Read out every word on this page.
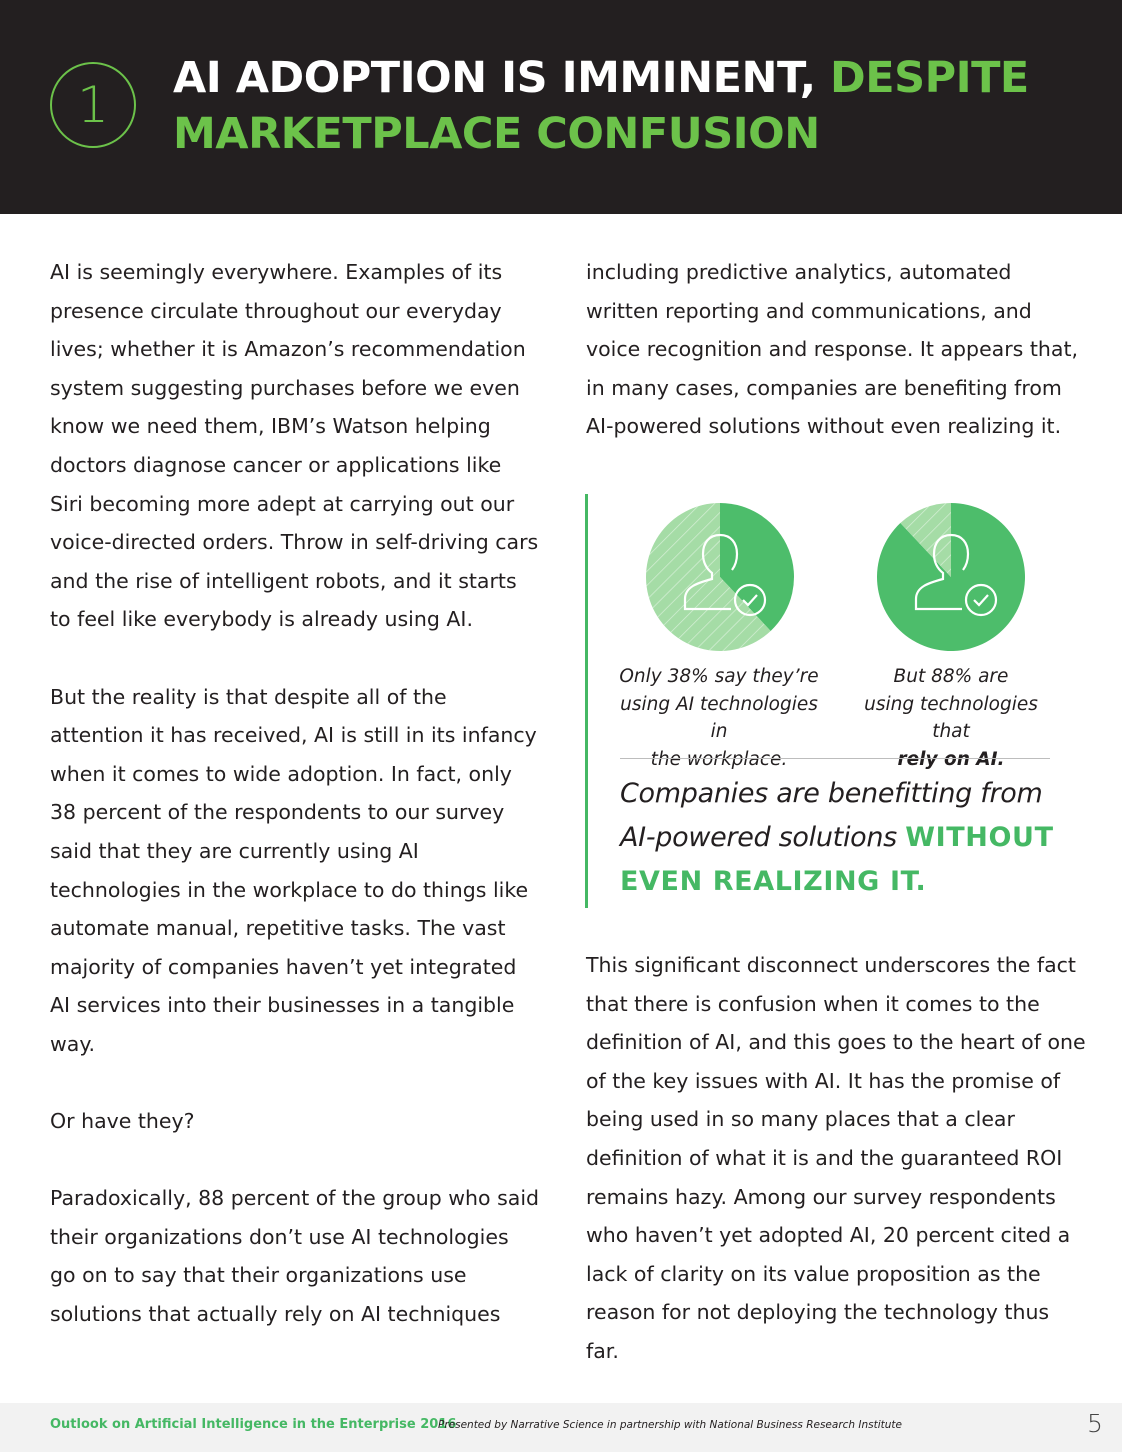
1	AI ADOPTION IS IMMINENT, DESPITE
MARKETPLACE CONFUSION

AI is seemingly everywhere. Examples of its presence circulate throughout our everyday lives; whether it is Amazon’s recommendation system suggesting purchases before we even know we need them, IBM’s Watson helping doctors diagnose cancer or applications like Siri becoming more adept at carrying out our voice-directed orders. Throw in self-driving cars and the rise of intelligent robots, and it starts to feel like everybody is already using AI.

But the reality is that despite all of the attention it has received, AI is still in its infancy when it comes to wide adoption. In fact, only 38 percent of the respondents to our survey said that they are currently using AI technologies in the workplace to do things like automate manual, repetitive tasks. The vast majority of companies haven’t yet integrated AI services into their businesses in a tangible way.

Or have they?

Paradoxically, 88 percent of the group who said their organizations don’t use AI technologies go on to say that their organizations use solutions that actually rely on AI techniques

including predictive analytics, automated written reporting and communications, and voice recognition and response. It appears that, in many cases, companies are benefiting from AI-powered solutions without even realizing it.

Only 38% say they’re
using AI technologies in
the workplace.
But 88% are
using technologies that
rely on AI.
Companies are benefitting from
AI-powered solutions WITHOUT
EVEN REALIZING IT.

This significant disconnect underscores the fact that there is confusion when it comes to the definition of AI, and this goes to the heart of one of the key issues with AI. It has the promise of being used in so many places that a clear definition of what it is and the guaranteed ROI remains hazy. Among our survey respondents who haven’t yet adopted AI, 20 percent cited a lack of clarity on its value proposition as the reason for not deploying the technology thus far.

Outlook on Artificial Intelligence in the Enterprise 2016
Presented by Narrative Science in partnership with National Business Research Institute	5
